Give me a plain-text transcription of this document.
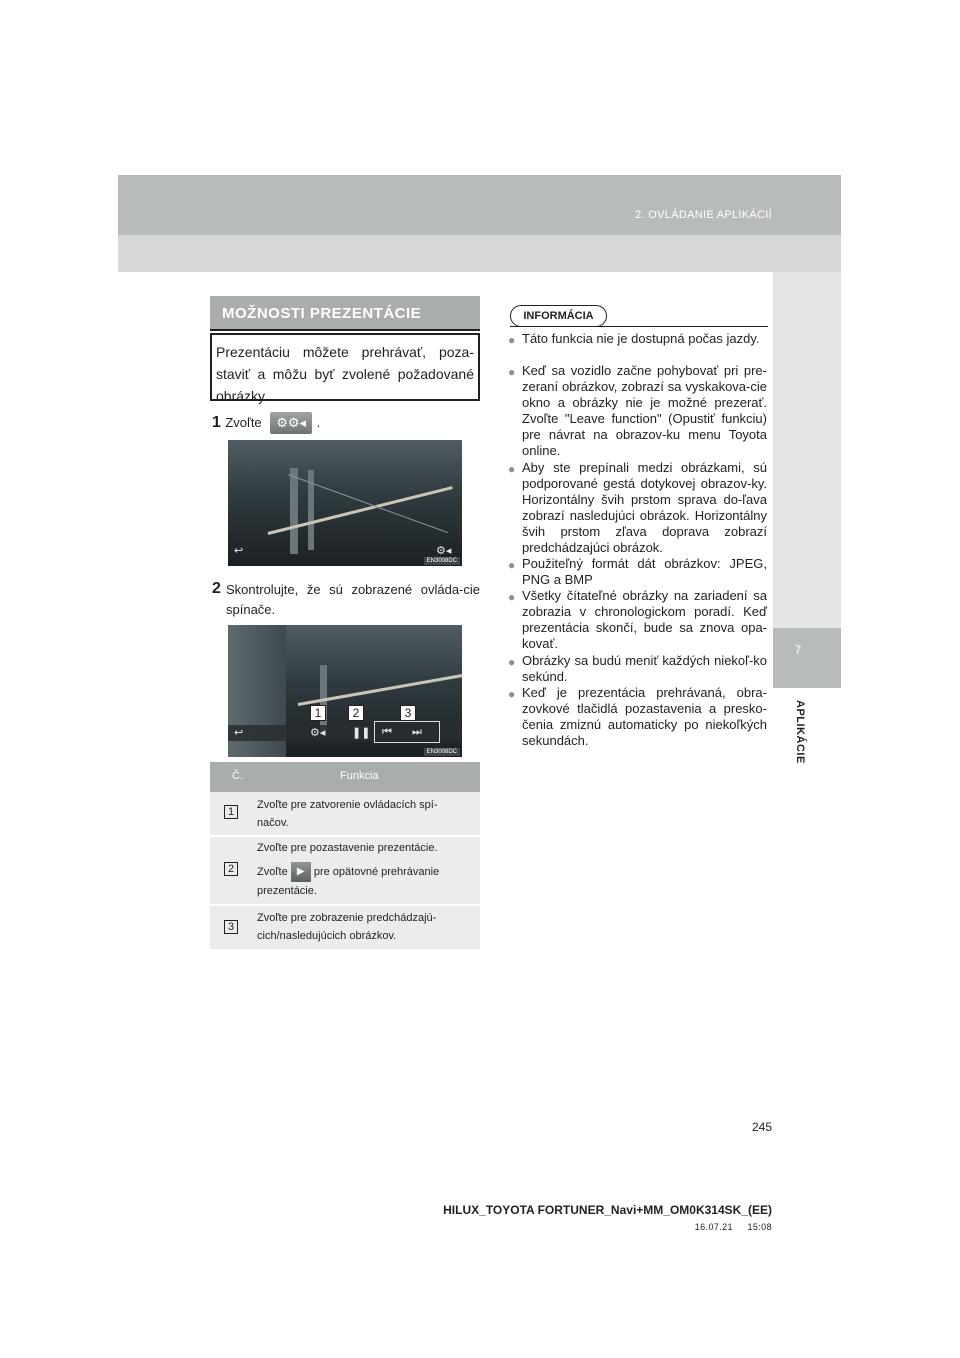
2. OVLÁDANIE APLIKÁCIÍ
7
APLIKÁCIE
MOŽNOSTI PREZENTÁCIE
Prezentáciu môžete prehrávať, poza-staviť a môžu byť zvolené požadované obrázky.
1 Zvoľte ⚙⚙◂ .
↩	⚙◂
EN3008DC
2 Skontrolujte, že sú zobrazené ovláda-cie spínače.
↩	⚙◂ ❚❚ ⏮ ⏭
1	2	3
EN3008DC
Č.	Funkcia
1
Zvoľte pre zatvorenie ovládacích spí-načov.
2
Zvoľte pre pozastavenie prezentácie.
Zvoľte ▶ pre opätovné prehrávanie prezentácie.
3
Zvoľte pre zobrazenie predchádzajú-cich/nasledujúcich obrázkov.
INFORMÁCIA
● Táto funkcia nie je dostupná počas jazdy.
● Keď sa vozidlo začne pohybovať pri pre-zeraní obrázkov, zobrazí sa vyskakova-cie okno a obrázky nie je možné prezerať. Zvoľte "Leave function" (Opustiť funkciu) pre návrat na obrazov-ku menu Toyota online.
● Aby ste prepínali medzi obrázkami, sú podporované gestá dotykovej obrazov-ky. Horizontálny švih prstom sprava do-ľava zobrazí nasledujúci obrázok. Horizontálny švih prstom zľava doprava zobrazí predchádzajúci obrázok.
● Použiteľný formát dát obrázkov: JPEG, PNG a BMP
● Všetky čítateľné obrázky na zariadení sa zobrazia v chronologickom poradí. Keď prezentácia skončí, bude sa znova opa-kovať.
● Obrázky sa budú meniť každých niekoľ-ko sekúnd.
● Keď je prezentácia prehrávaná, obra-zovkové tlačidlá pozastavenia a presko-čenia zmiznú automaticky po niekoľkých sekundách.
245
HILUX_TOYOTA FORTUNER_Navi+MM_OM0K314SK_(EE)
16.07.21     15:08
